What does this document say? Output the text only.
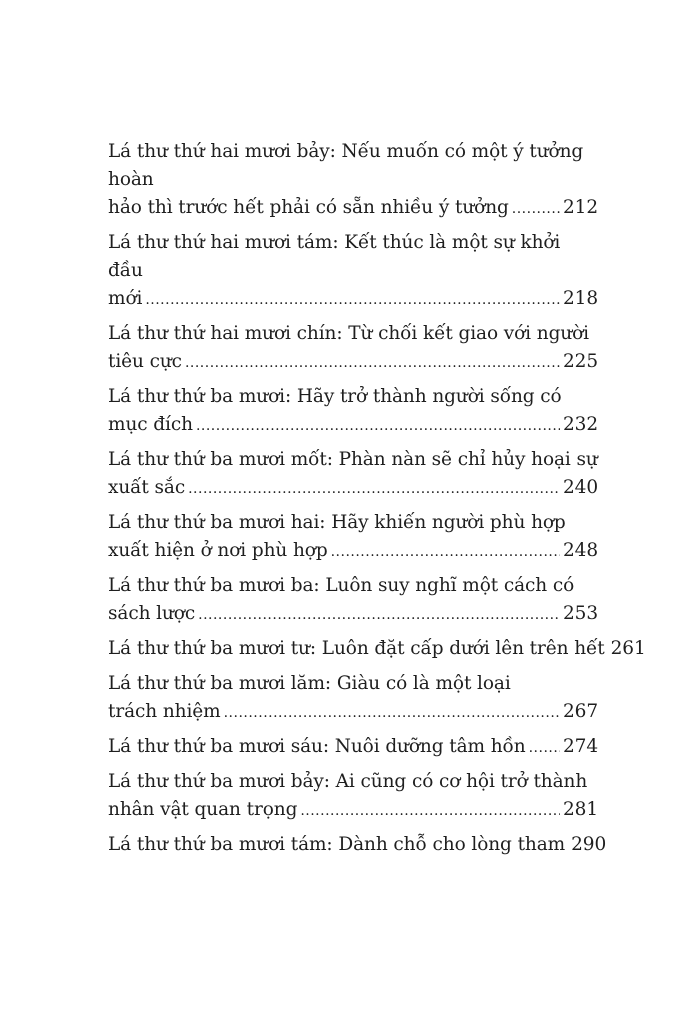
Lá thư thứ hai mươi bảy: Nếu muốn có một ý tưởng hoàn
hảo thì trước hết phải có sẵn nhiều ý tưởng .....	212
Lá thư thứ hai mươi tám: Kết thúc là một sự khởi đầu
mới .....	218
Lá thư thứ hai mươi chín: Từ chối kết giao với người
tiêu cực .....	225
Lá thư thứ ba mươi: Hãy trở thành người sống có
mục đích .....	232
Lá thư thứ ba mươi mốt: Phàn nàn sẽ chỉ hủy hoại sự
xuất sắc .....	240
Lá thư thứ ba mươi hai: Hãy khiến người phù hợp
xuất hiện ở nơi phù hợp .....	248
Lá thư thứ ba mươi ba: Luôn suy nghĩ một cách có
sách lược .....	253
Lá thư thứ ba mươi tư: Luôn đặt cấp dưới lên trên hết 261
Lá thư thứ ba mươi lăm: Giàu có là một loại
trách nhiệm .....	267
Lá thư thứ ba mươi sáu: Nuôi dưỡng tâm hồn ..... 274
Lá thư thứ ba mươi bảy: Ai cũng có cơ hội trở thành
nhân vật quan trọng .....	281
Lá thư thứ ba mươi tám: Dành chỗ cho lòng tham 290
